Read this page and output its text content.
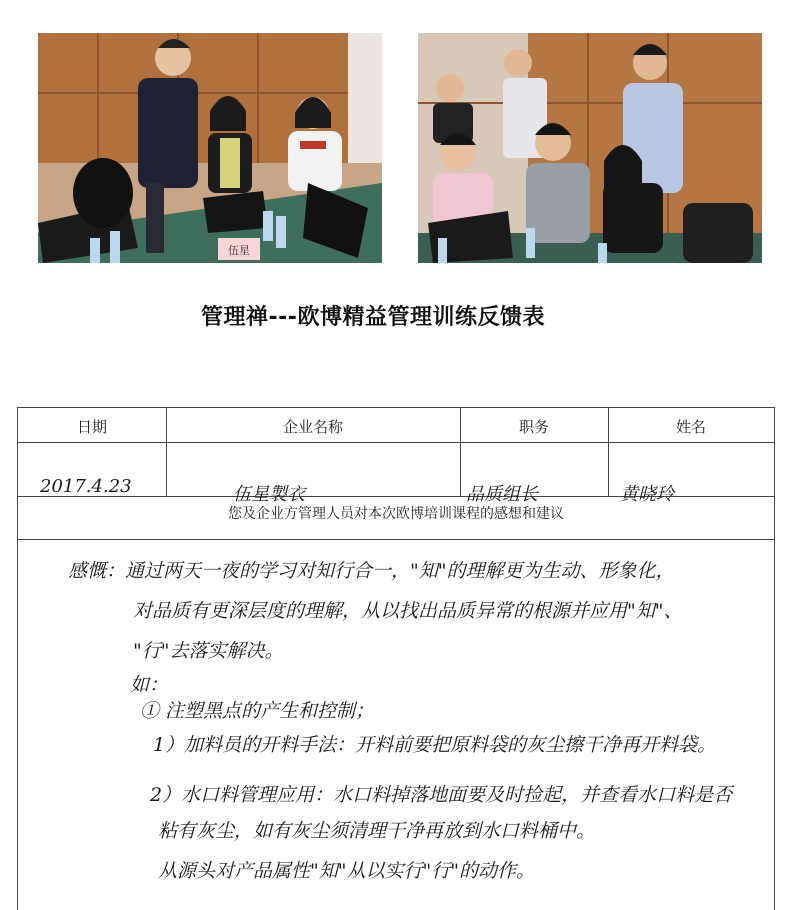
伍星
管理禅---欧博精益管理训练反馈表
日期	企业名称	职务	姓名
2017.4.23	伍星製衣	品质组长	黄晓玲
您及企业方管理人员对本次欧博培训课程的感想和建议
感慨：通过两天一夜的学习对知行合一，"知"的理解更为生动、形象化，
对品质有更深层度的理解，从以找出品质异常的根源并应用"知"、
"行"去落实解决。
如：
① 注塑黑点的产生和控制；
1）加料员的开料手法：开料前要把原料袋的灰尘擦干净再开料袋。
2）水口料管理应用：水口料掉落地面要及时捡起，并查看水口料是否
粘有灰尘，如有灰尘须清理干净再放到水口料桶中。
从源头对产品属性"知"从以实行"行"的动作。
